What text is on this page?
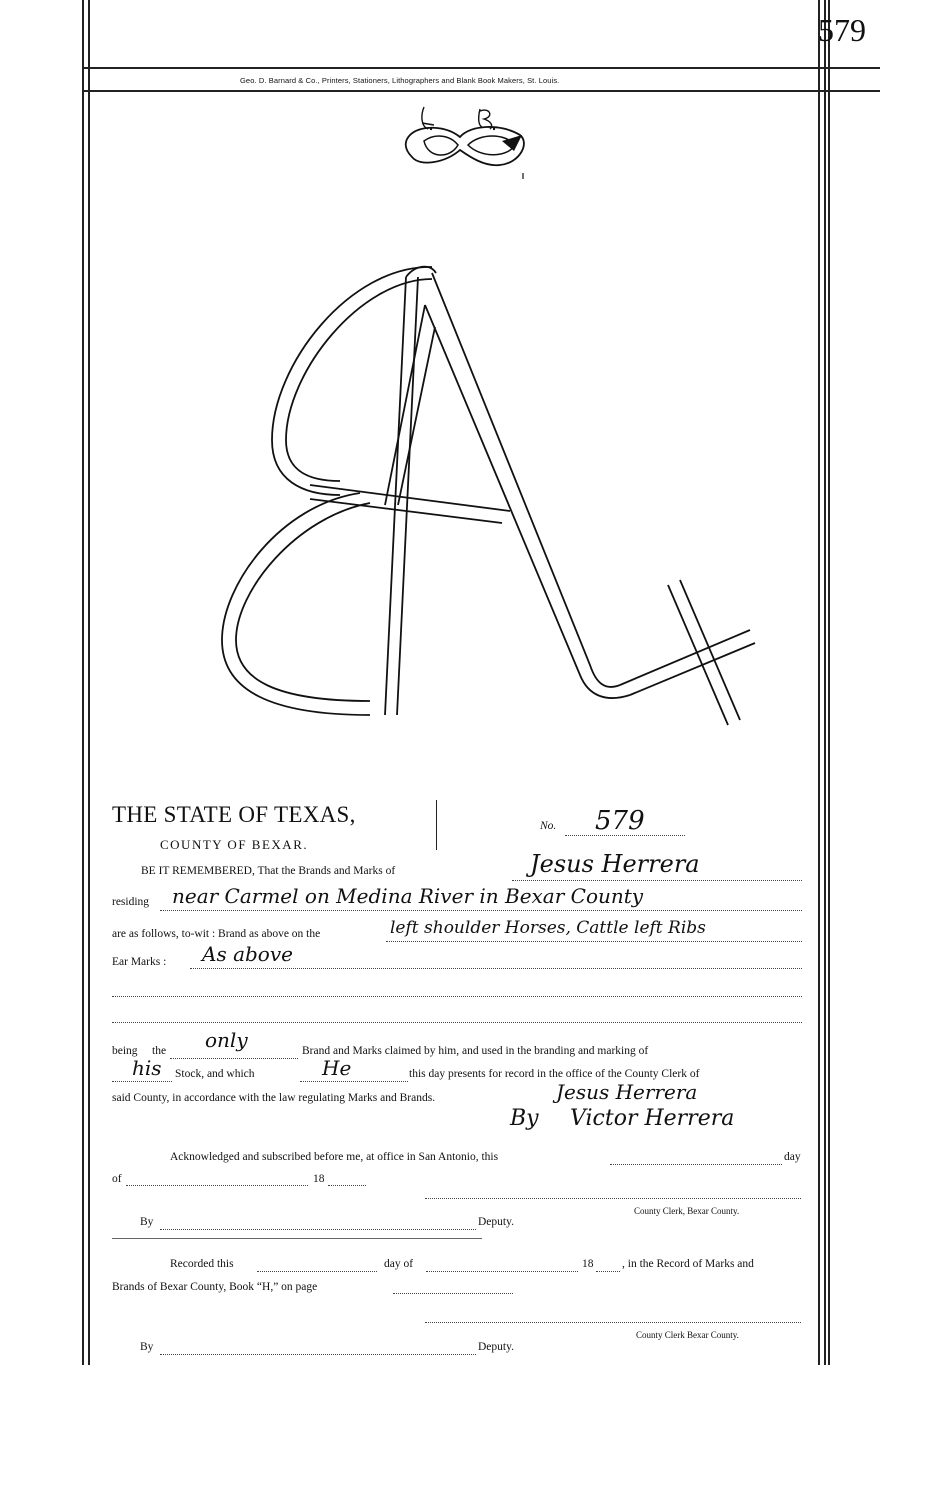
579
Geo. D. Barnard & Co., Printers, Stationers, Lithographers and Blank Book Makers, St. Louis.
THE STATE OF TEXAS,
COUNTY OF BEXAR.
No. 579
BE IT REMEMBERED, That the Brands and Marks of	Jesus Herrera
residing near Carmel on Medina River in Bexar County
are as follows, to-wit : Brand as above on the	left shoulder Horses, Cattle left Ribs
Ear Marks : As above
being the only	Brand and Marks claimed by him, and used in the branding and marking of
his Stock, and which	He	this day presents for record in the office of the County Clerk of
said County, in accordance with the law regulating Marks and Brands.	Jesus Herrera
By Victor Herrera
Acknowledged and subscribed before me, at office in San Antonio, this	day
of	18
County Clerk, Bexar County.
By	Deputy.
Recorded this	day of	18 , in the Record of Marks and
Brands of Bexar County, Book “H,” on page
County Clerk Bexar County.
By	Deputy.
